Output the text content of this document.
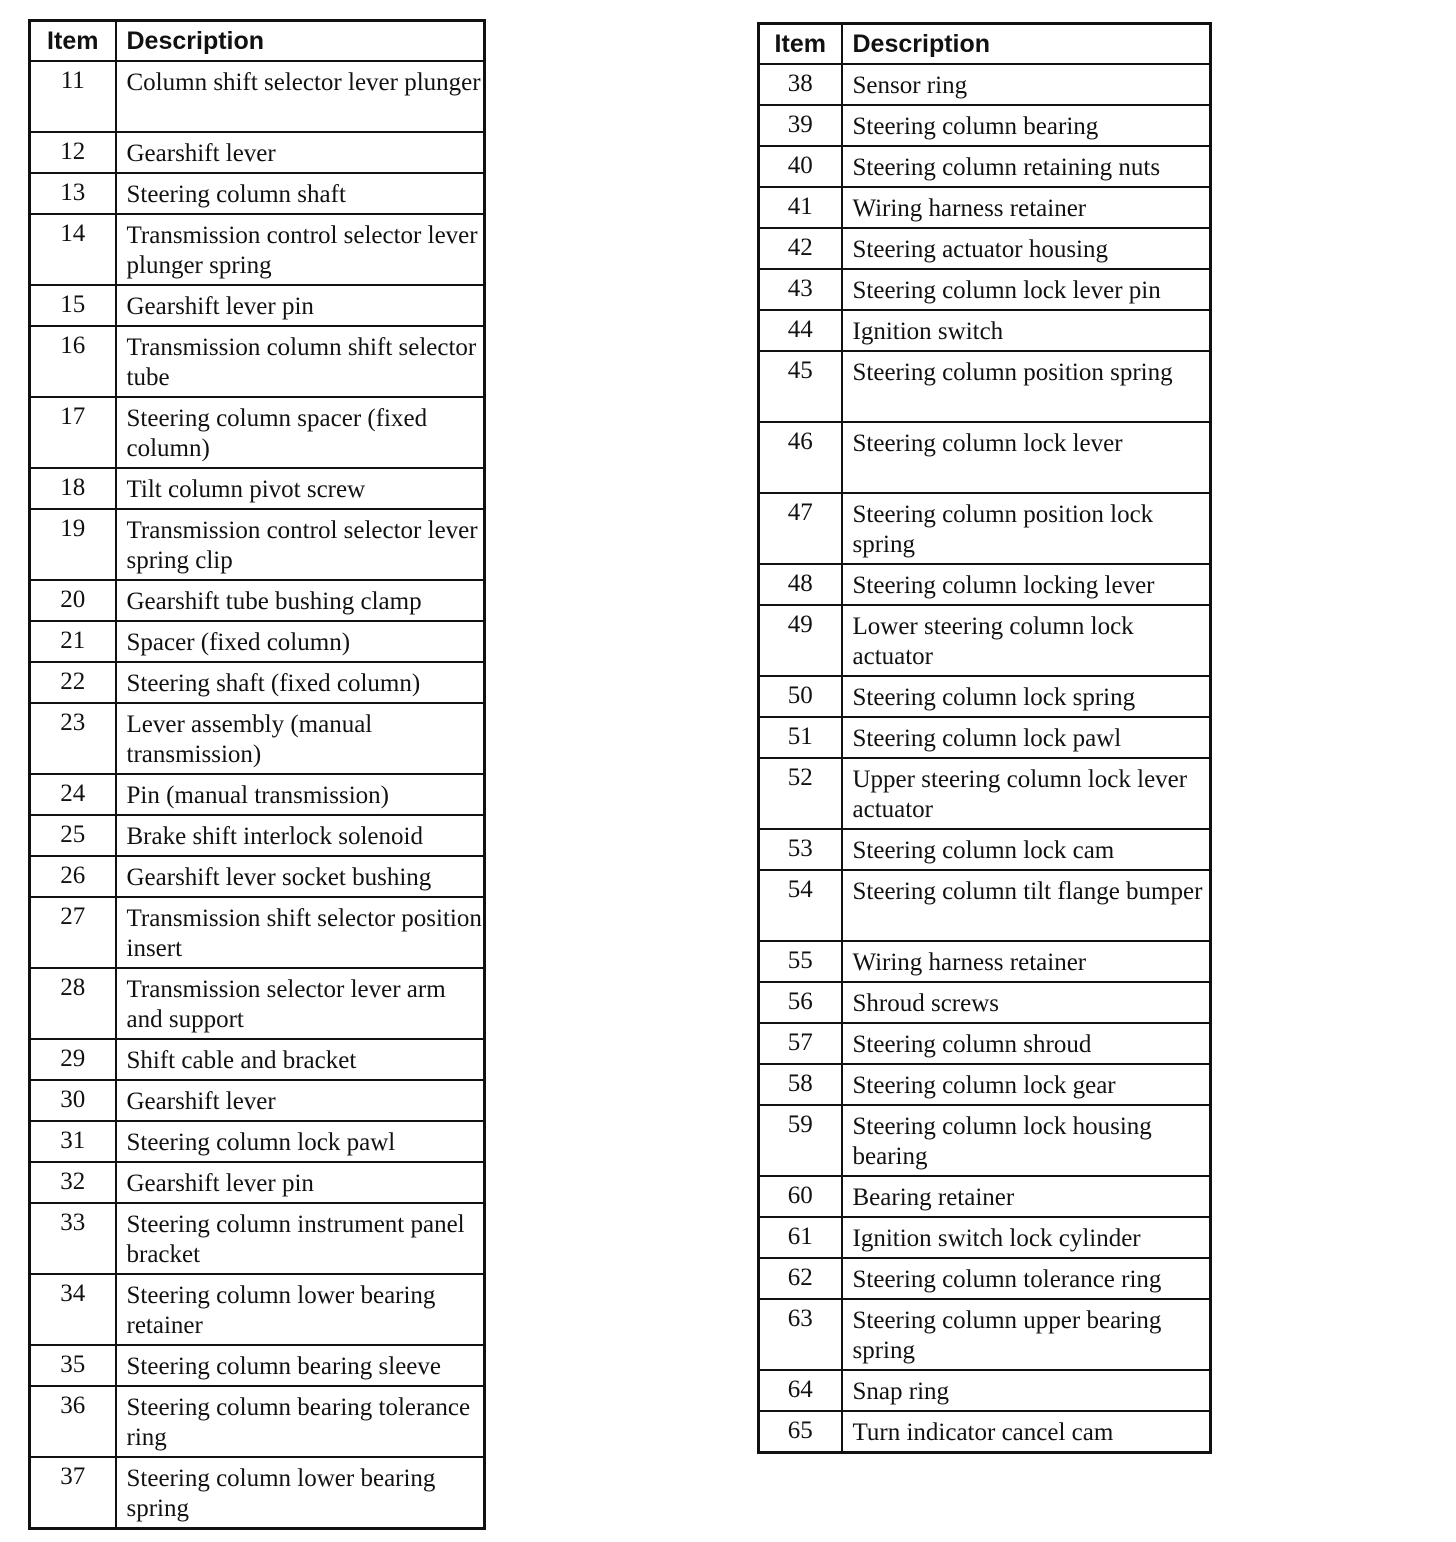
Item	Description
11	Column shift selector lever plunger
12	Gearshift lever
13	Steering column shaft
14	Transmission control selector lever plunger spring
15	Gearshift lever pin
16	Transmission column shift selector tube
17	Steering column spacer (fixed column)
18	Tilt column pivot screw
19	Transmission control selector lever spring clip
20	Gearshift tube bushing clamp
21	Spacer (fixed column)
22	Steering shaft (fixed column)
23	Lever assembly (manual transmission)
24	Pin (manual transmission)
25	Brake shift interlock solenoid
26	Gearshift lever socket bushing
27	Transmission shift selector position insert
28	Transmission selector lever arm and support
29	Shift cable and bracket
30	Gearshift lever
31	Steering column lock pawl
32	Gearshift lever pin
33	Steering column instrument panel bracket
34	Steering column lower bearing retainer
35	Steering column bearing sleeve
36	Steering column bearing tolerance ring
37	Steering column lower bearing spring
Item	Description
38	Sensor ring
39	Steering column bearing
40	Steering column retaining nuts
41	Wiring harness retainer
42	Steering actuator housing
43	Steering column lock lever pin
44	Ignition switch
45	Steering column position spring
46	Steering column lock lever
47	Steering column position lock spring
48	Steering column locking lever
49	Lower steering column lock actuator
50	Steering column lock spring
51	Steering column lock pawl
52	Upper steering column lock lever actuator
53	Steering column lock cam
54	Steering column tilt flange bumper
55	Wiring harness retainer
56	Shroud screws
57	Steering column shroud
58	Steering column lock gear
59	Steering column lock housing bearing
60	Bearing retainer
61	Ignition switch lock cylinder
62	Steering column tolerance ring
63	Steering column upper bearing spring
64	Snap ring
65	Turn indicator cancel cam
